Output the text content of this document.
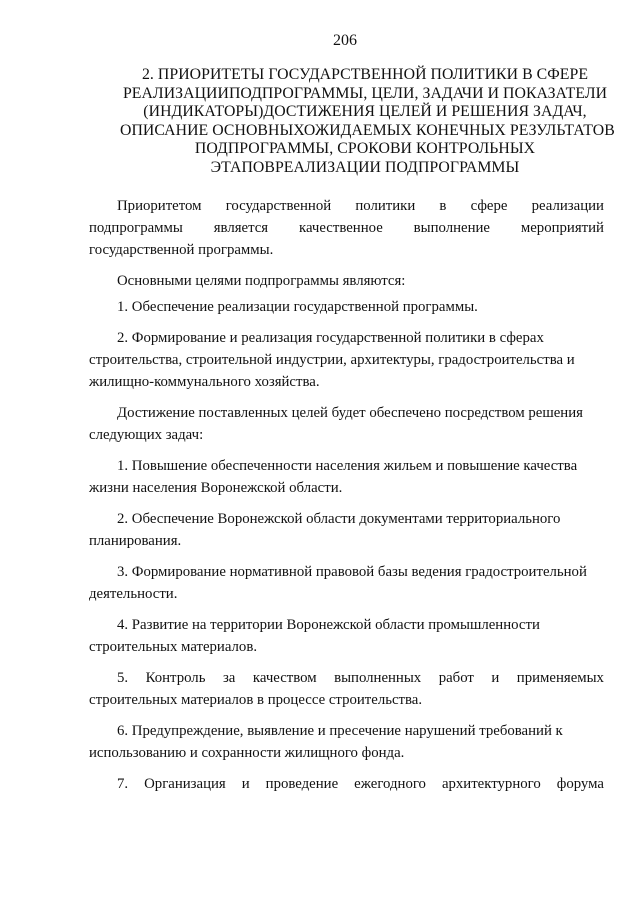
206
2. ПРИОРИТЕТЫ ГОСУДАРСТВЕННОЙ ПОЛИТИКИ В СФЕРЕ
РЕАЛИЗАЦИИПОДПРОГРАММЫ, ЦЕЛИ, ЗАДАЧИ И ПОКАЗАТЕЛИ
(ИНДИКАТОРЫ)ДОСТИЖЕНИЯ ЦЕЛЕЙ И РЕШЕНИЯ ЗАДАЧ,
ОПИСАНИЕ ОСНОВНЫХОЖИДАЕМЫХ КОНЕЧНЫХ РЕЗУЛЬТАТОВ
ПОДПРОГРАММЫ, СРОКОВИ КОНТРОЛЬНЫХ
ЭТАПОВРЕАЛИЗАЦИИ ПОДПРОГРАММЫ
Приоритетом государственной политики в сфере реализации
подпрограммы является качественное выполнение мероприятий
государственной программы.
Основными целями подпрограммы являются:
1. Обеспечение реализации государственной программы.
2. Формирование и реализация государственной политики в сферах
строительства, строительной индустрии, архитектуры, градостроительства и
жилищно-коммунального хозяйства.
Достижение поставленных целей будет обеспечено посредством решения
следующих задач:
1. Повышение обеспеченности населения жильем и повышение качества
жизни населения Воронежской области.
2. Обеспечение Воронежской области документами территориального
планирования.
3. Формирование нормативной правовой базы ведения градостроительной
деятельности.
4. Развитие на территории Воронежской области промышленности
строительных материалов.
5. Контроль за качеством выполненных работ и применяемых
строительных материалов в процессе строительства.
6. Предупреждение, выявление и пресечение нарушений требований к
использованию и сохранности жилищного фонда.
7. Организация и проведение ежегодного архитектурного форума
